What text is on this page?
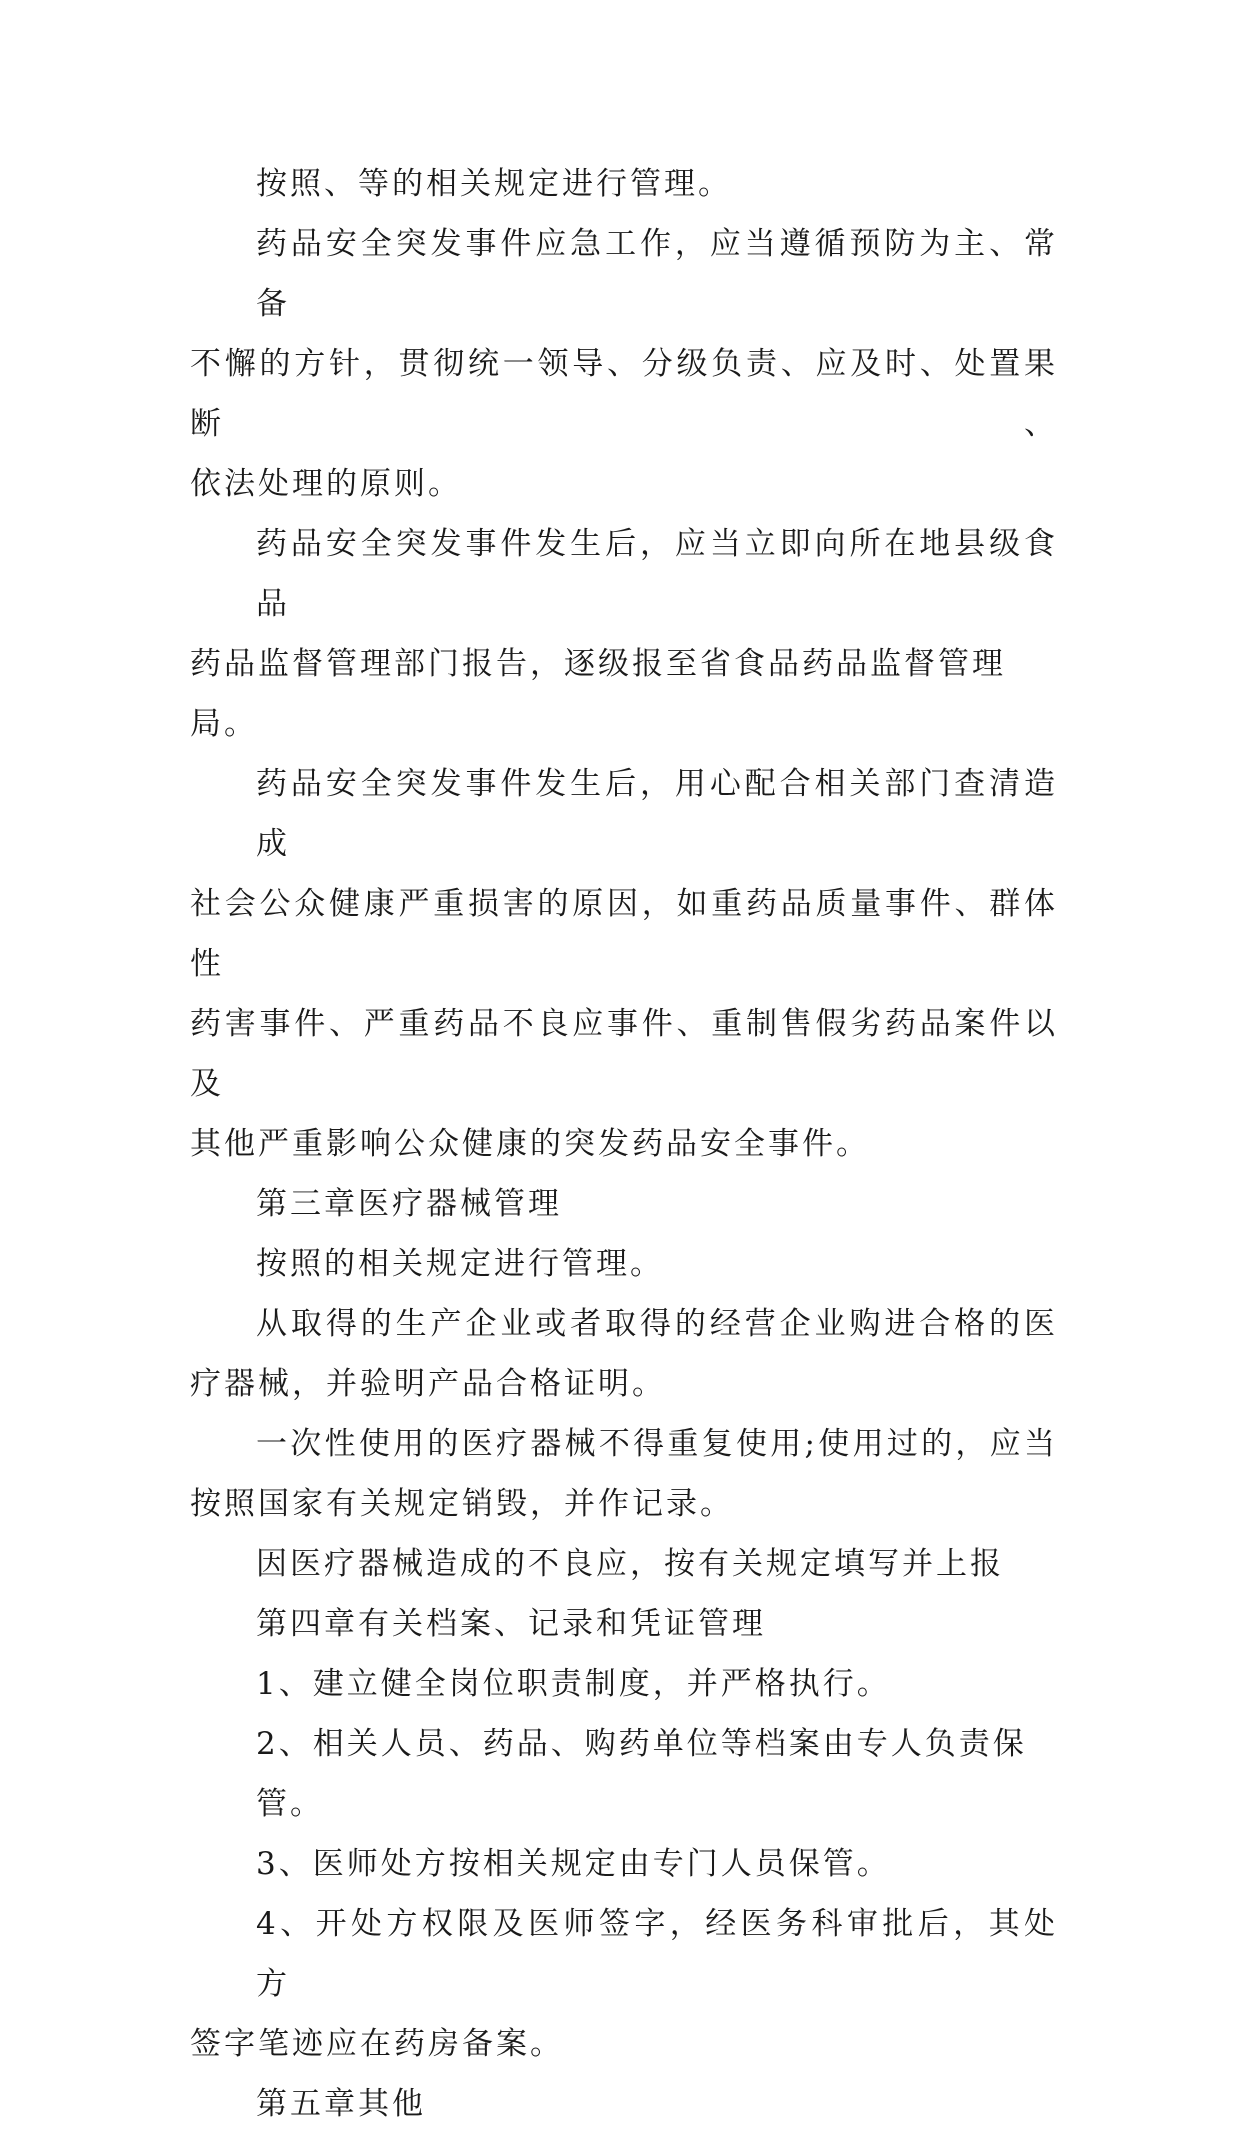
按照、等的相关规定进行管理。
药品安全突发事件应急工作，应当遵循预防为主、常备
不懈的方针，贯彻统一领导、分级负责、应及时、处置果断、
依法处理的原则。
药品安全突发事件发生后，应当立即向所在地县级食品
药品监督管理部门报告，逐级报至省食品药品监督管理局。
药品安全突发事件发生后，用心配合相关部门查清造成
社会公众健康严重损害的原因，如重药品质量事件、群体性
药害事件、严重药品不良应事件、重制售假劣药品案件以及
其他严重影响公众健康的突发药品安全事件。
第三章医疗器械管理
按照的相关规定进行管理。
从取得的生产企业或者取得的经营企业购进合格的医
疗器械，并验明产品合格证明。
一次性使用的医疗器械不得重复使用;使用过的，应当
按照国家有关规定销毁，并作记录。
因医疗器械造成的不良应，按有关规定填写并上报
第四章有关档案、记录和凭证管理
1、建立健全岗位职责制度，并严格执行。
2、相关人员、药品、购药单位等档案由专人负责保管。
3、医师处方按相关规定由专门人员保管。
4、开处方权限及医师签字，经医务科审批后，其处方
签字笔迹应在药房备案。
第五章其他
